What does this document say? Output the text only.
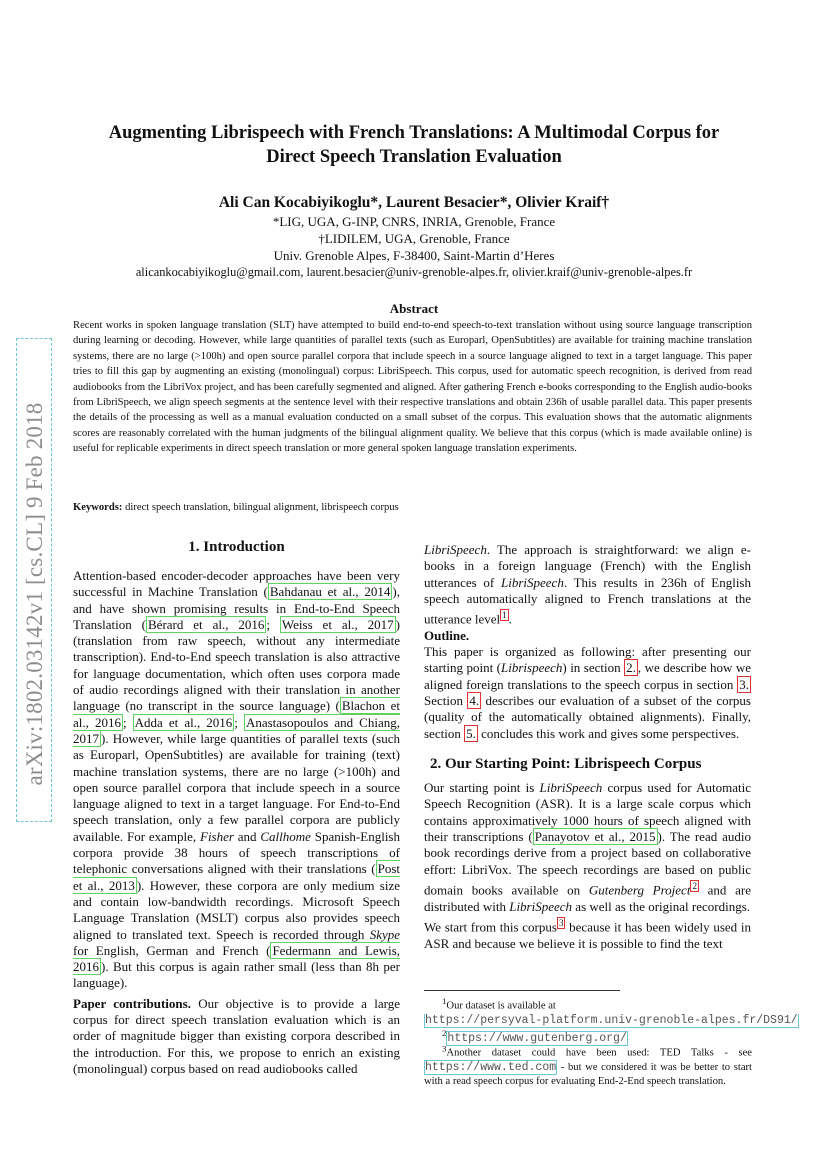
arXiv:1802.03142v1 [cs.CL] 9 Feb 2018
Augmenting Librispeech with French Translations: A Multimodal Corpus for
Direct Speech Translation Evaluation
Ali Can Kocabiyikoglu*, Laurent Besacier*, Olivier Kraif†
*LIG, UGA, G-INP, CNRS, INRIA, Grenoble, France
†LIDILEM, UGA, Grenoble, France
Univ. Grenoble Alpes, F-38400, Saint-Martin d’Heres
alicankocabiyikoglu@gmail.com, laurent.besacier@univ-grenoble-alpes.fr, olivier.kraif@univ-grenoble-alpes.fr
Abstract
Recent works in spoken language translation (SLT) have attempted to build end-to-end speech-to-text translation without using source language transcription during learning or decoding. However, while large quantities of parallel texts (such as Europarl, OpenSubtitles) are available for training machine translation systems, there are no large (>100h) and open source parallel corpora that include speech in a source language aligned to text in a target language. This paper tries to fill this gap by augmenting an existing (monolingual) corpus: LibriSpeech. This corpus, used for automatic speech recognition, is derived from read audiobooks from the LibriVox project, and has been carefully segmented and aligned. After gathering French e-books corresponding to the English audio-books from LibriSpeech, we align speech segments at the sentence level with their respective translations and obtain 236h of usable parallel data. This paper presents the details of the processing as well as a manual evaluation conducted on a small subset of the corpus. This evaluation shows that the automatic alignments scores are reasonably correlated with the human judgments of the bilingual alignment quality. We believe that this corpus (which is made available online) is useful for replicable experiments in direct speech translation or more general spoken language translation experiments.
Keywords: direct speech translation, bilingual alignment, librispeech corpus
1. Introduction

Attention-based encoder-decoder approaches have been very successful in Machine Translation ( Bahdanau et al., 2014 ), and have shown promising results in End-to-End Speech Translation ( Bérard et al., 2016 ; Weiss et al., 2017 ) (translation from raw speech, without any intermediate transcription). End-to-End speech translation is also attractive for language documentation, which often uses corpora made of audio recordings aligned with their translation in another language (no transcript in the source language) ( Blachon et al., 2016 ; Adda et al., 2016 ; Anastasopoulos and Chiang, 2017 ). However, while large quantities of parallel texts (such as Europarl, OpenSubtitles) are available for training (text) machine translation systems, there are no large (>100h) and open source parallel corpora that include speech in a source language aligned to text in a target language. For End-to-End speech translation, only a few parallel corpora are publicly available. For example, Fisher and Callhome Spanish-English corpora provide 38 hours of speech transcriptions of telephonic conversations aligned with their translations ( Post et al., 2013 ). However, these corpora are only medium size and contain low-bandwidth recordings. Microsoft Speech Language Translation (MSLT) corpus also provides speech aligned to translated text. Speech is recorded through Skype for English, German and French ( Federmann and Lewis, 2016 ). But this corpus is again rather small (less than 8h per language).

Paper contributions. Our objective is to provide a large corpus for direct speech translation evaluation which is an order of magnitude bigger than existing corpora described in the introduction. For this, we propose to enrich an existing (monolingual) corpus based on read audiobooks called

LibriSpeech. The approach is straightforward: we align e-books in a foreign language (French) with the English utterances of LibriSpeech. This results in 236h of English speech automatically aligned to French translations at the utterance level $^1$ .

Outline.
This paper is organized as following: after presenting our starting point (Librispeech) in section 2. , we describe how we aligned foreign translations to the speech corpus in section 3. Section 4. describes our evaluation of a subset of the corpus (quality of the automatically obtained alignments). Finally, section 5. concludes this work and gives some perspectives.

2. Our Starting Point: Librispeech Corpus

Our starting point is LibriSpeech corpus used for Automatic Speech Recognition (ASR). It is a large scale corpus which contains approximatively 1000 hours of speech aligned with their transcriptions ( Panayotov et al., 2015 ). The read audio book recordings derive from a project based on collaborative effort: LibriVox. The speech recordings are based on public domain books available on Gutenberg Project $^2$ and are distributed with LibriSpeech as well as the original recordings.

We start from this corpus $^3$ because it has been widely used in ASR and because we believe it is possible to find the text

$^1$Our dataset is available at
https://persyval-platform.univ-grenoble-alpes.fr/DS91/
$^2$https://www.gutenberg.org/
$^3$Another dataset could have been used: TED Talks - see https://www.ted.com - but we considered it was be better to start with a read speech corpus for evaluating End-2-End speech translation.
